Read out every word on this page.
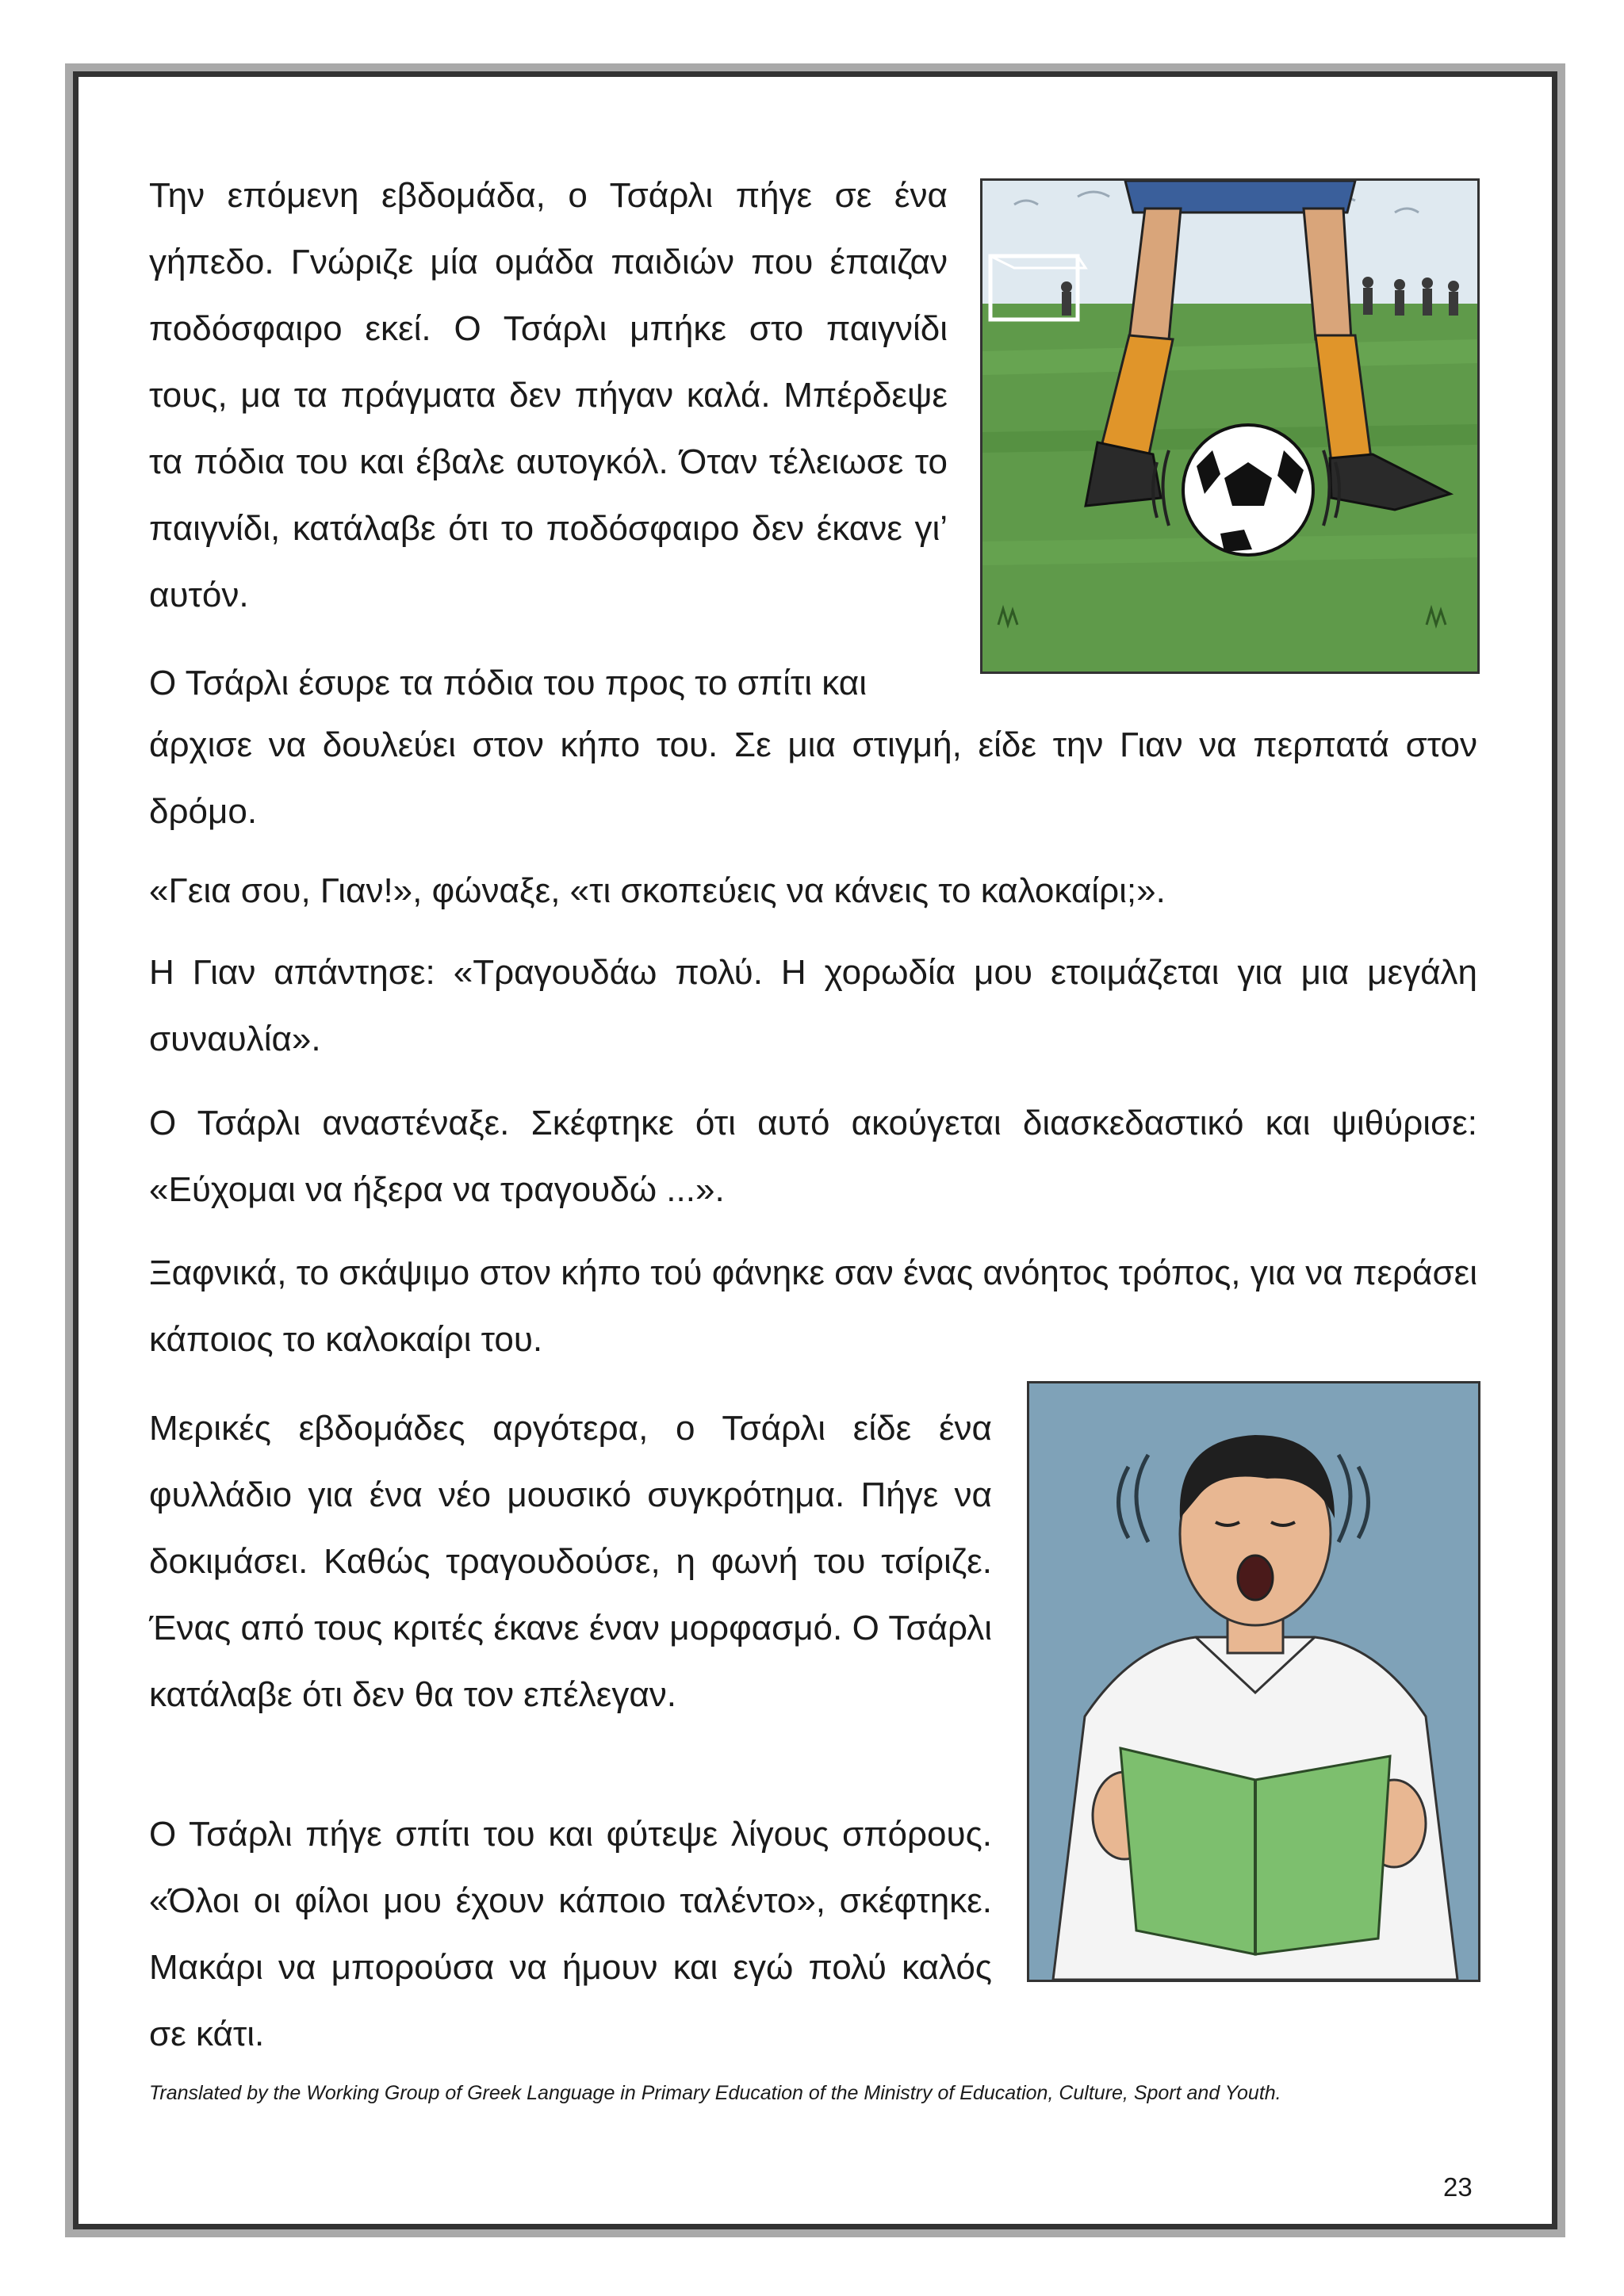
Την επόμενη εβδομάδα, ο Τσάρλι πήγε σε ένα γήπεδο. Γνώριζε μία ομάδα παιδιών που έπαιζαν ποδόσφαιρο εκεί. Ο Τσάρλι μπήκε στο παιγνίδι τους, μα τα πράγματα δεν πήγαν καλά. Μπέρδεψε τα πόδια του και έβαλε αυτογκόλ. Όταν τέλειωσε το παιγνίδι, κατάλαβε ότι το ποδόσφαιρο δεν έκανε γι’ αυτόν.

Ο Τσάρλι έσυρε τα πόδια του προς το σπίτι και

άρχισε να δουλεύει στον κήπο του. Σε μια στιγμή, είδε την Γιαν να περπατά στον δρόμο.

«Γεια σου, Γιαν!», φώναξε, «τι σκοπεύεις να κάνεις το καλοκαίρι;».

Η Γιαν απάντησε: «Τραγουδάω πολύ. Η χορωδία μου ετοιμάζεται για μια μεγάλη συναυλία».

Ο Τσάρλι αναστέναξε. Σκέφτηκε ότι αυτό ακούγεται διασκεδαστικό και ψιθύρισε: «Εύχομαι να ήξερα να τραγουδώ ...».

Ξαφνικά, το σκάψιμο στον κήπο τού φάνηκε σαν ένας ανόητος τρόπος, για να περάσει κάποιος το καλοκαίρι του.

Μερικές εβδομάδες αργότερα, ο Τσάρλι είδε ένα φυλλάδιο για ένα νέο μουσικό συγκρότημα. Πήγε να δοκιμάσει. Καθώς τραγουδούσε, η φωνή του τσίριζε. Ένας από τους κριτές έκανε έναν μορφασμό. Ο Τσάρλι κατάλαβε ότι δεν θα τον επέλεγαν.

Ο Τσάρλι πήγε σπίτι του και φύτεψε λίγους σπόρους. «Όλοι οι φίλοι μου έχουν κάποιο ταλέντο», σκέφτηκε. Μακάρι να μπορούσα να ήμουν και εγώ πολύ καλός σε κάτι.

Translated by the Working Group of Greek Language in Primary Education of the Ministry of Education, Culture, Sport and Youth.
23
